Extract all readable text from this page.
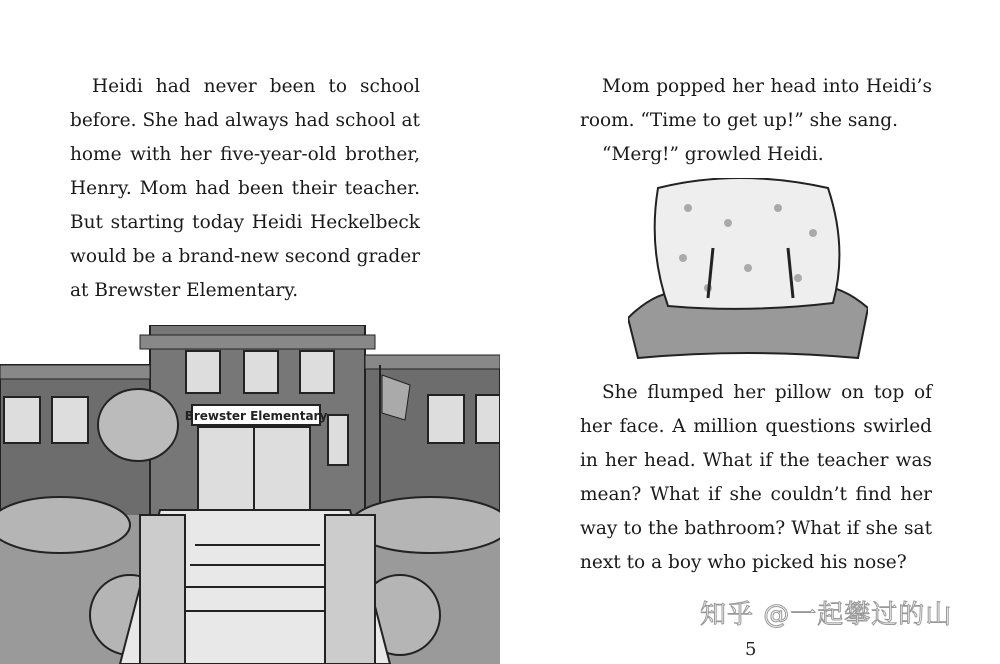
Heidi had never been to school before. She had always had school at home with her five-year-old brother, Henry. Mom had been their teacher. But starting today Heidi Heckelbeck would be a brand-new second grader at Brewster Elementary.

Brewster Elementary

Mom popped her head into Heidi’s room. “Time to get up!” she sang.

“Merg!” growled Heidi.

She flumped her pillow on top of her face. A million questions swirled in her head. What if the teacher was mean? What if she couldn’t find her way to the bathroom? What if she sat next to a boy who picked his nose?

知乎 @一起攀过的山
5
